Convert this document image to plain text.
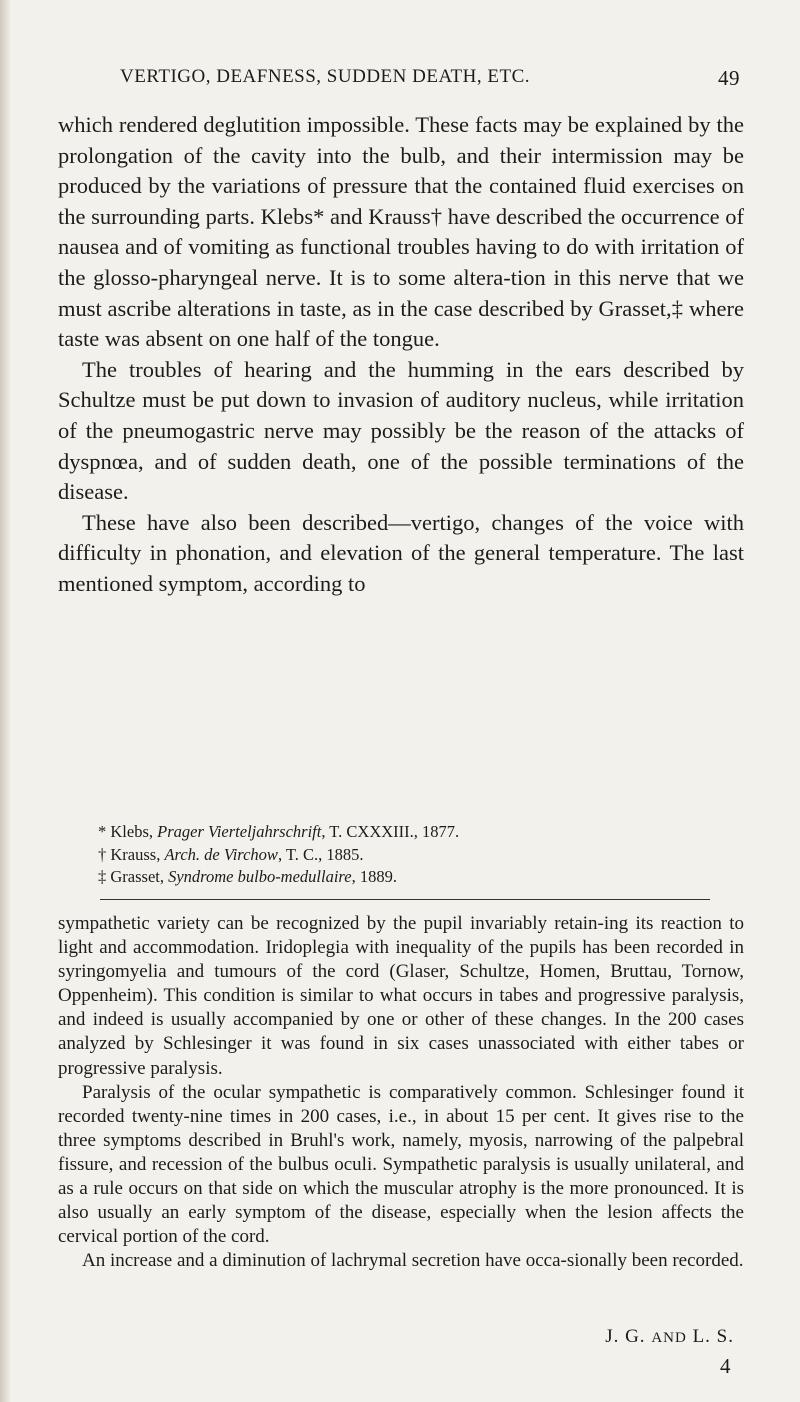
VERTIGO, DEAFNESS, SUDDEN DEATH, ETC.	49

which rendered deglutition impossible. These facts may be explained by the prolongation of the cavity into the bulb, and their intermission may be produced by the variations of pressure that the contained fluid exercises on the surrounding parts. Klebs* and Krauss† have described the occurrence of nausea and of vomiting as functional troubles having to do with irritation of the glosso-pharyngeal nerve. It is to some altera-tion in this nerve that we must ascribe alterations in taste, as in the case described by Grasset,‡ where taste was absent on one half of the tongue.

The troubles of hearing and the humming in the ears described by Schultze must be put down to invasion of auditory nucleus, while irritation of the pneumogastric nerve may possibly be the reason of the attacks of dyspnœa, and of sudden death, one of the possible terminations of the disease.

These have also been described—vertigo, changes of the voice with difficulty in phonation, and elevation of the general temperature. The last mentioned symptom, according to

* Klebs, Prager Vierteljahrschrift, T. CXXXIII., 1877.
† Krauss, Arch. de Virchow, T. C., 1885.
‡ Grasset, Syndrome bulbo-medullaire, 1889.

sympathetic variety can be recognized by the pupil invariably retain-ing its reaction to light and accommodation. Iridoplegia with inequality of the pupils has been recorded in syringomyelia and tumours of the cord (Glaser, Schultze, Homen, Bruttau, Tornow, Oppenheim). This condition is similar to what occurs in tabes and progressive paralysis, and indeed is usually accompanied by one or other of these changes. In the 200 cases analyzed by Schlesinger it was found in six cases unassociated with either tabes or progressive paralysis.

Paralysis of the ocular sympathetic is comparatively common. Schlesinger found it recorded twenty-nine times in 200 cases, i.e., in about 15 per cent. It gives rise to the three symptoms described in Bruhl's work, namely, myosis, narrowing of the palpebral fissure, and recession of the bulbus oculi. Sympathetic paralysis is usually unilateral, and as a rule occurs on that side on which the muscular atrophy is the more pronounced. It is also usually an early symptom of the disease, especially when the lesion affects the cervical portion of the cord.

An increase and a diminution of lachrymal secretion have occa-sionally been recorded.

J. G. AND L. S.
4
